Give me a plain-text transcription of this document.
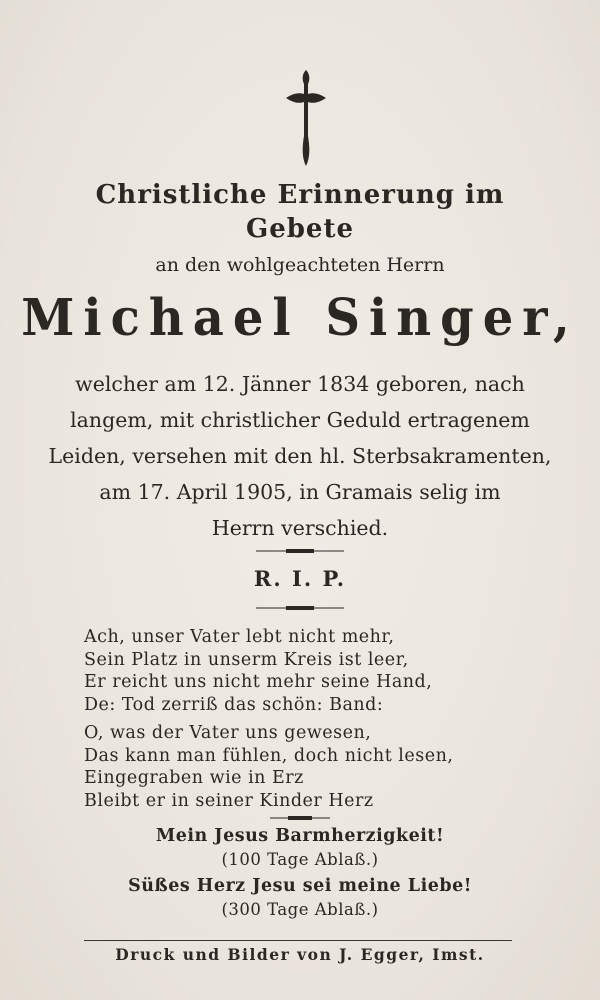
Christliche Erinnerung im
Gebete
an den wohlgeachteten Herrn
Michael Singer,
welcher am 12. Jänner 1834 geboren, nach
langem, mit christlicher Geduld ertragenem
Leiden, versehen mit den hl. Sterbsakramenten,
am 17. April 1905, in Gramais selig im
Herrn verschied.
R. I. P.
Ach, unser Vater lebt nicht mehr,
Sein Platz in unserm Kreis ist leer,
Er reicht uns nicht mehr seine Hand,
De: Tod zerriß das schön: Band:
O, was der Vater uns gewesen,
Das kann man fühlen, doch nicht lesen,
Eingegraben wie in Erz
Bleibt er in seiner Kinder Herz
Mein Jesus Barmherzigkeit!
(100 Tage Ablaß.)
Süßes Herz Jesu sei meine Liebe!
(300 Tage Ablaß.)
Druck und Bilder von J. Egger, Imst.
